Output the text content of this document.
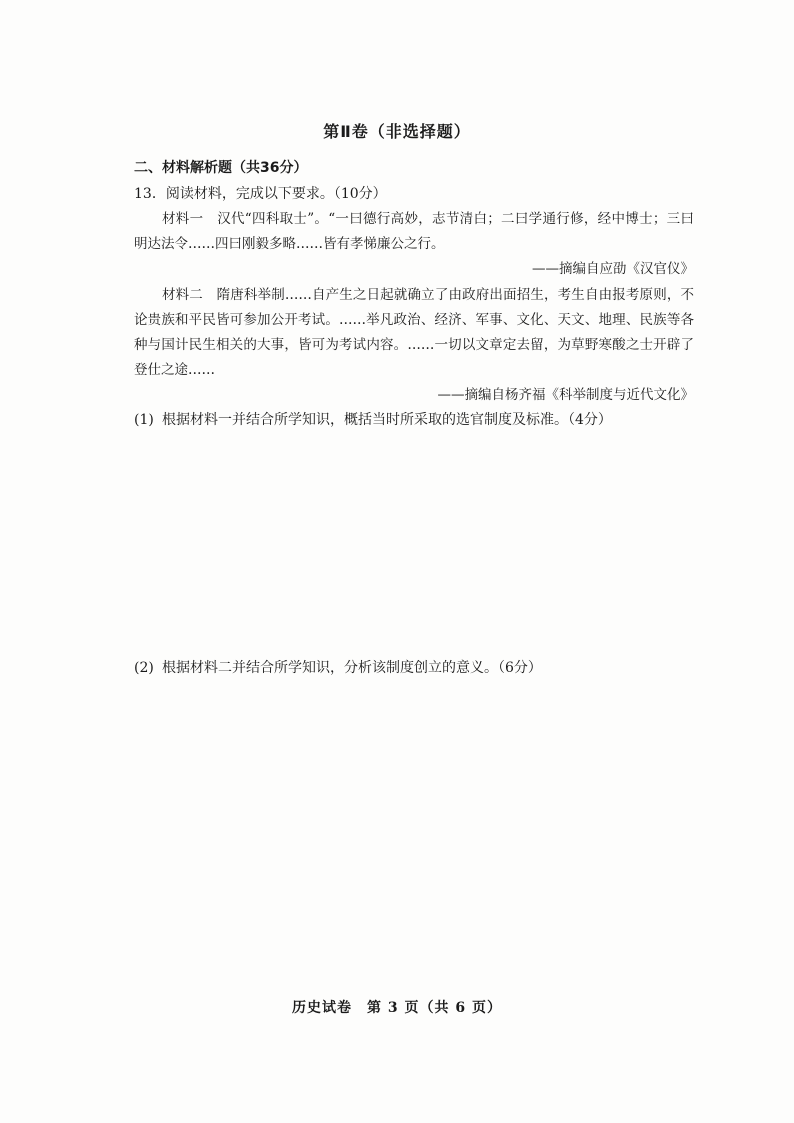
第Ⅱ卷（非选择题）
二、材料解析题（共36分）
13．阅读材料，完成以下要求。（10分）
材料一　汉代“四科取士”。“一曰德行高妙，志节清白；二曰学通行修，经中博士；三曰明达法令……四曰刚毅多略……皆有孝悌廉公之行。
——摘编自应劭《汉官仪》
材料二　隋唐科举制……自产生之日起就确立了由政府出面招生，考生自由报考原则，不论贵族和平民皆可参加公开考试。……举凡政治、经济、军事、文化、天文、地理、民族等各种与国计民生相关的大事，皆可为考试内容。……一切以文章定去留，为草野寒酸之士开辟了登仕之途……
——摘编自杨齐福《科举制度与近代文化》
(1) 根据材料一并结合所学知识，概括当时所采取的选官制度及标准。（4分）
(2) 根据材料二并结合所学知识，分析该制度创立的意义。（6分）
历史试卷　第 3 页（共 6 页）
